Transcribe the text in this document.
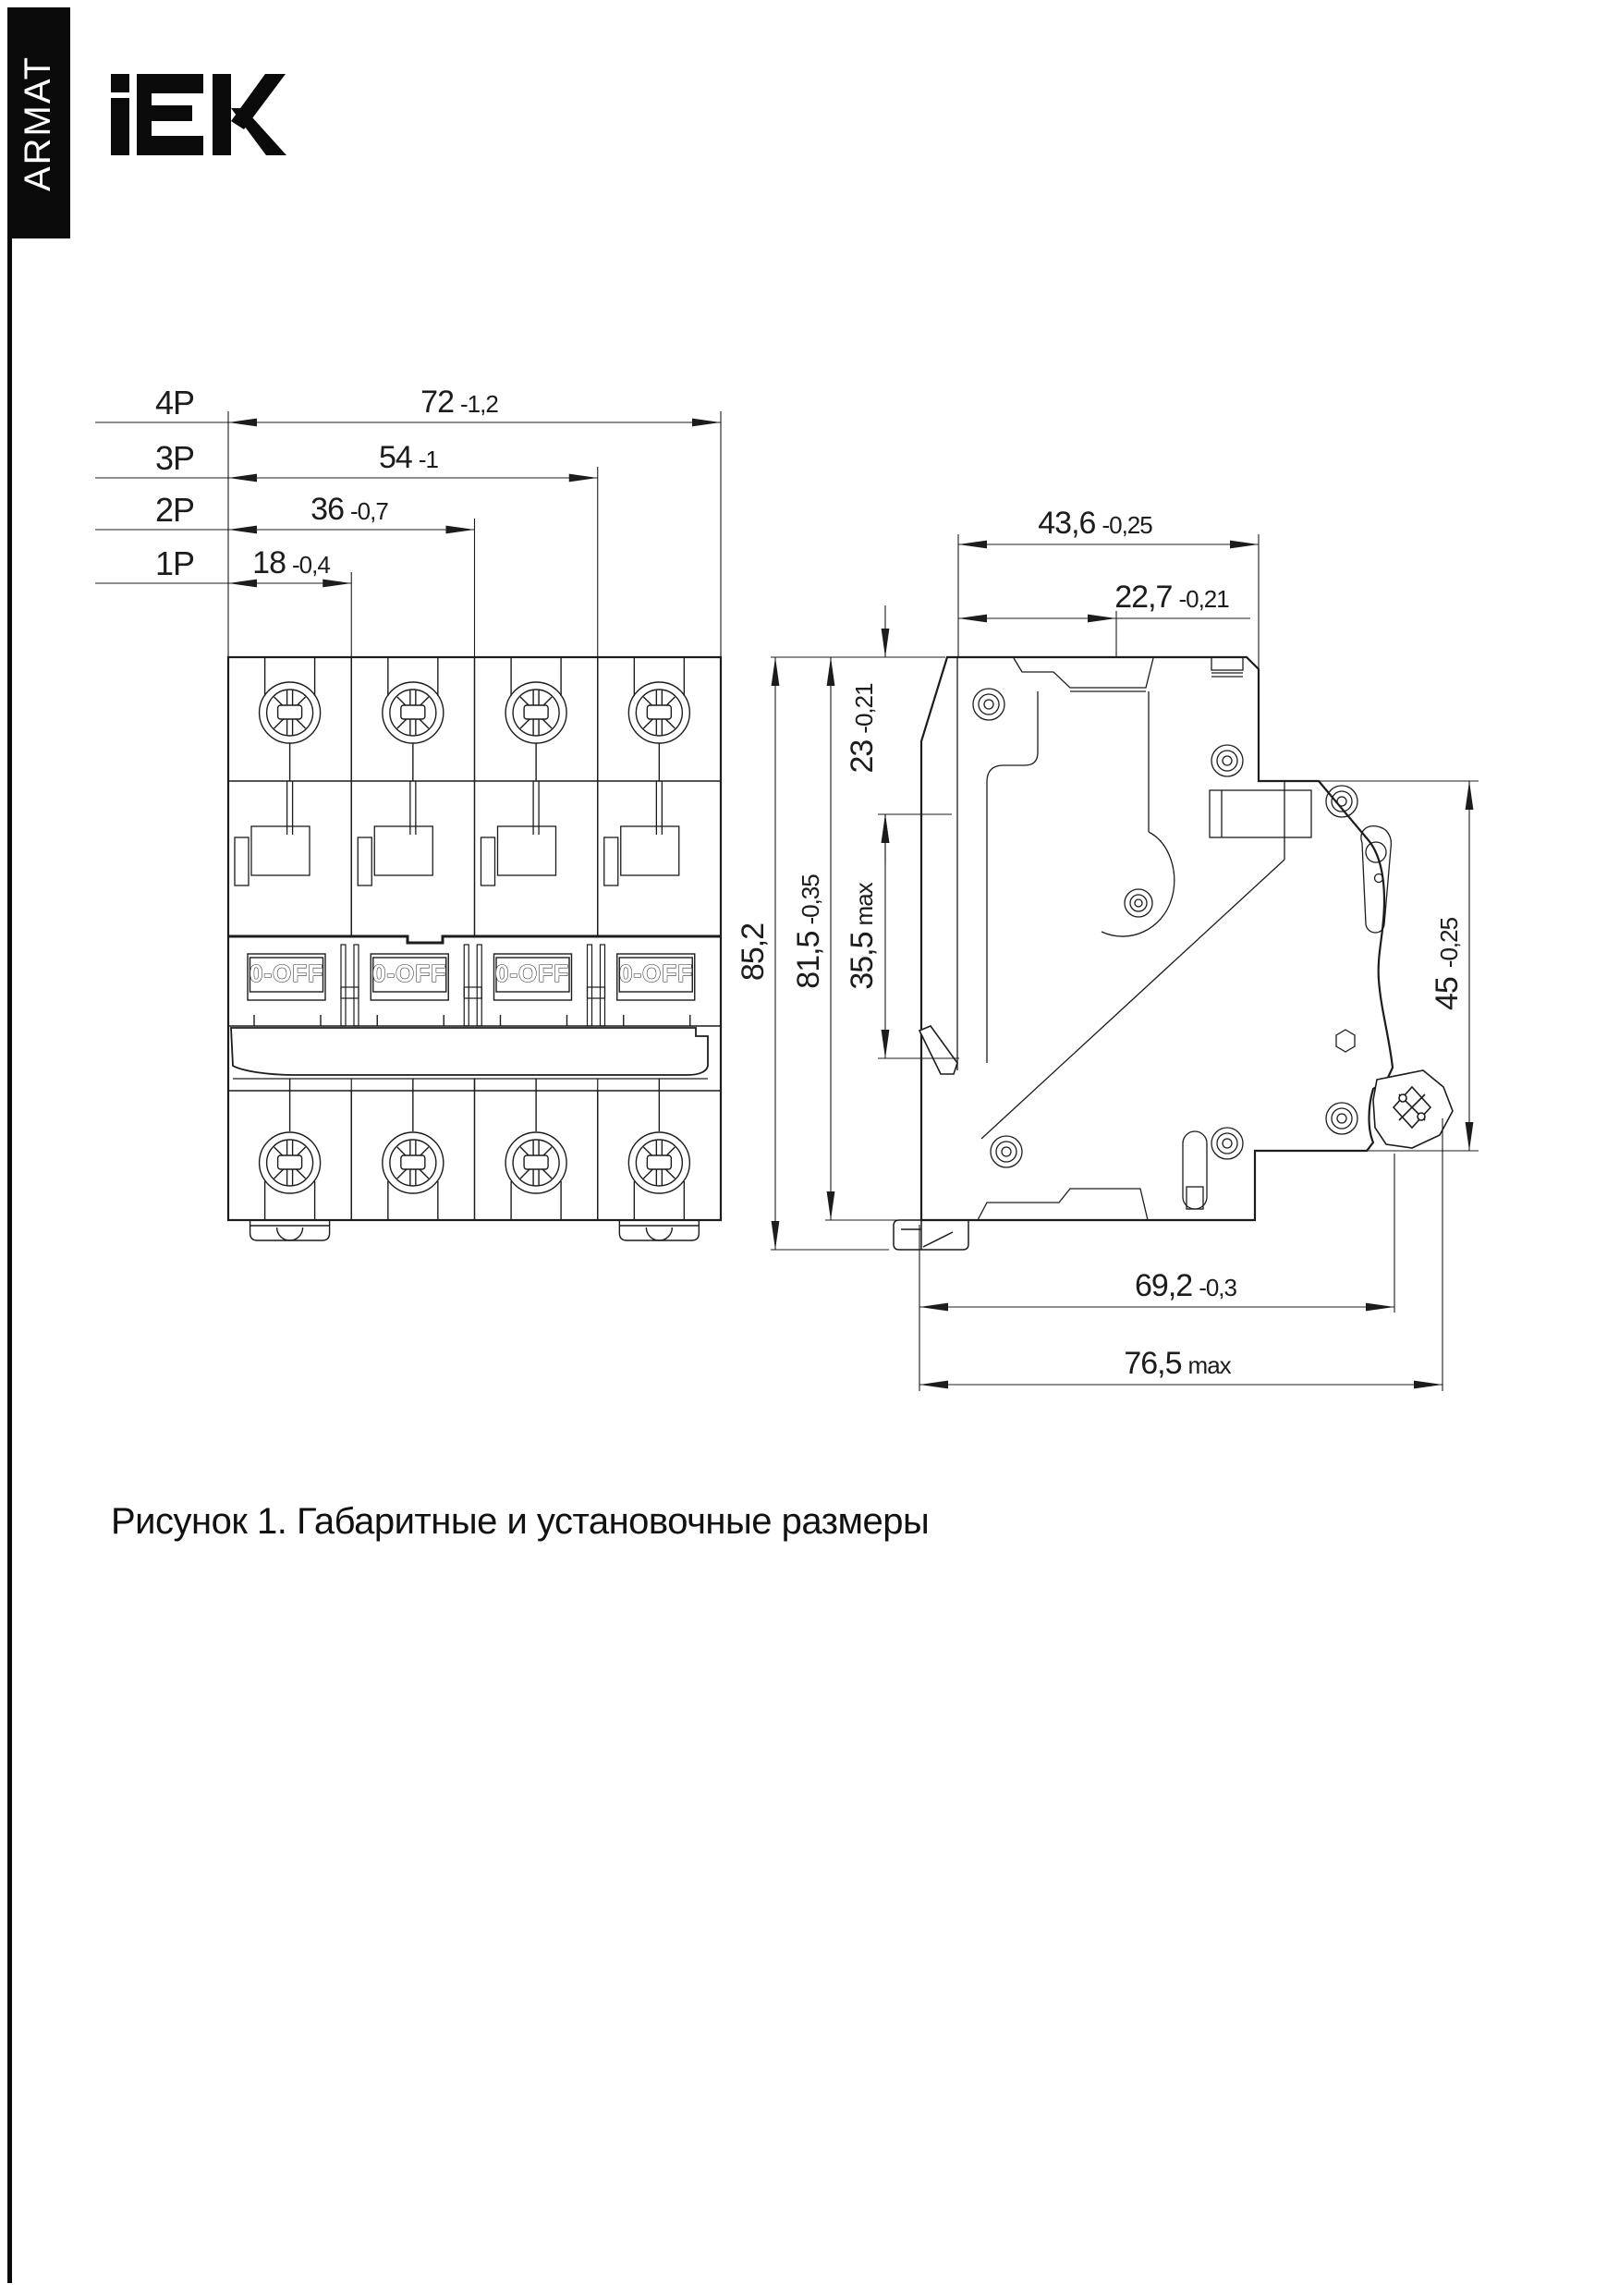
ARMAT
0-OFF 0-OFF 0-OFF 0-OFF
4P
3P
2P
1P
72 -1,2
54 -1
36 -0,7
18 -0,4
43,6 -0,25
22,7 -0,21
85,2 81,5-0,35
23-0,21
35,5max
45-0,25
69,2 -0,3
76,5 max
Рисунок 1. Габаритные и установочные размеры
